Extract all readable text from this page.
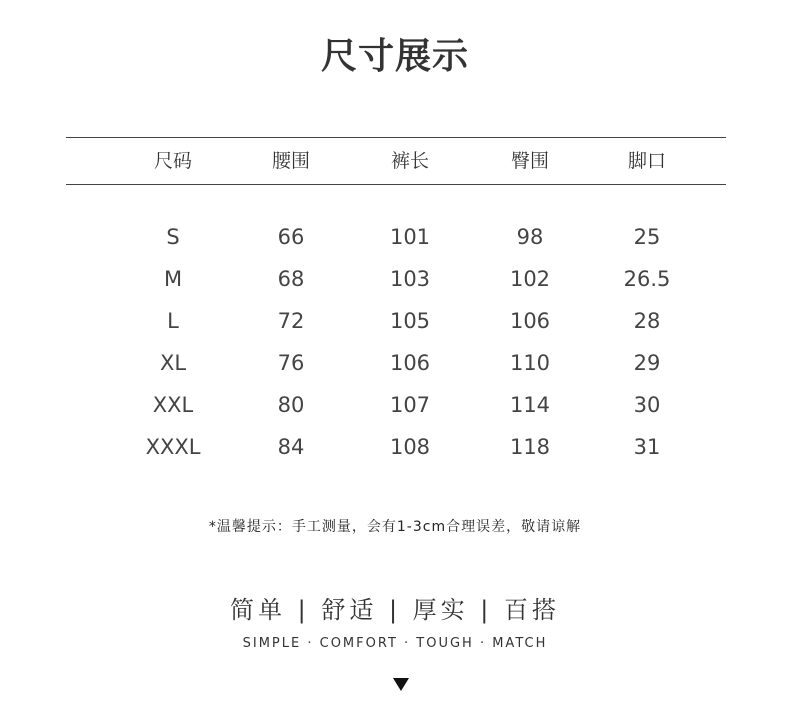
尺寸展示
尺码	腰围	裤长	臀围	脚口
S	66	101	98	25
M	68	103	102	26.5
L	72	105	106	28
XL	76	106	110	29
XXL	80	107	114	30
XXXL	84	108	118	31
*温馨提示：手工测量，会有1-3cm合理误差，敬请谅解
简单 | 舒适 | 厚实 | 百搭
SIMPLE · COMFORT · TOUGH · MATCH
